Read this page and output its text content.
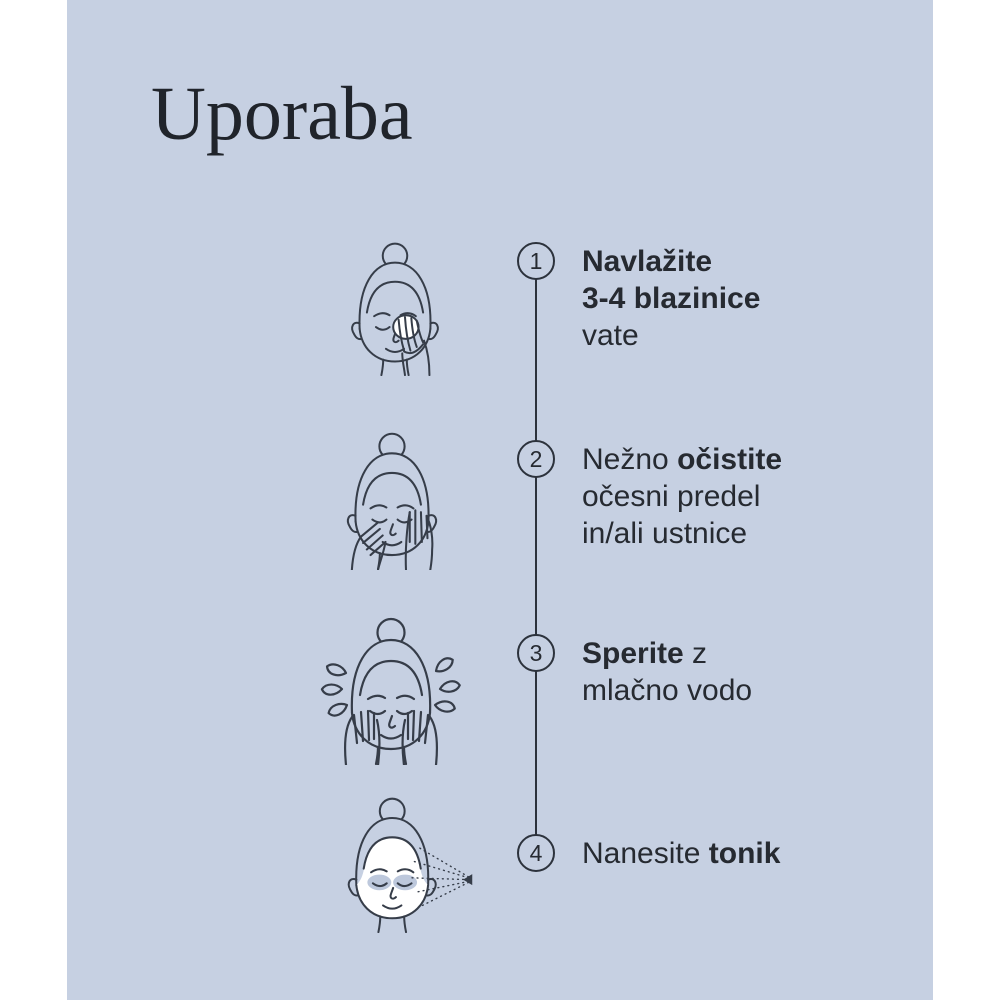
Uporaba
1
2
3
4
Navlažite
3-4 blazinice
vate
Nežno očistite
očesni predel
in/ali ustnice
Sperite z
mlačno vodo
Nanesite tonik
